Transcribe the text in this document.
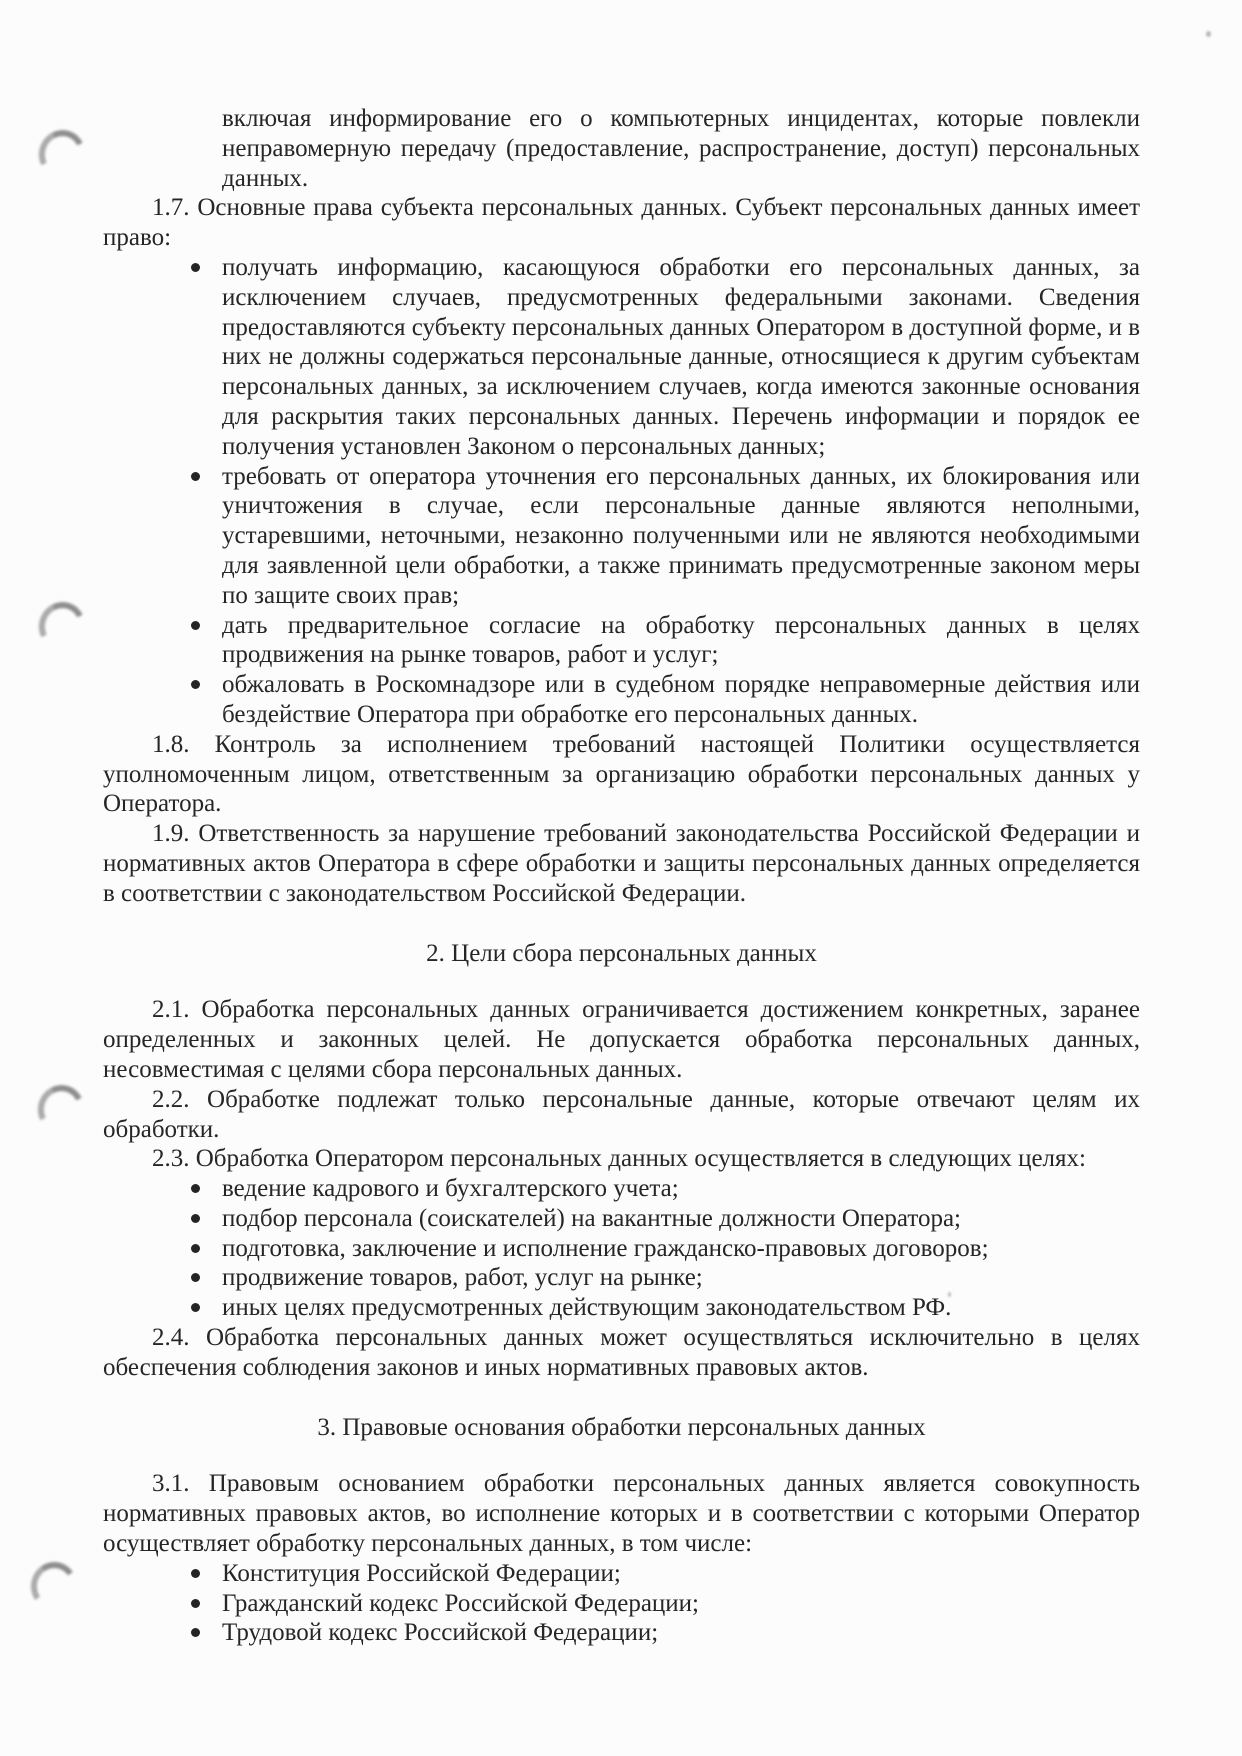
включая информирование его о компьютерных инцидентах, которые повлекли неправомерную передачу (предоставление, распространение, доступ) персональных данных.

1.7. Основные права субъекта персональных данных. Субъект персональных данных имеет право:

получать информацию, касающуюся обработки его персональных данных, за исключением случаев, предусмотренных федеральными законами. Сведения предоставляются субъекту персональных данных Оператором в доступной форме, и в них не должны содержаться персональные данные, относящиеся к другим субъектам персональных данных, за исключением случаев, когда имеются законные основания для раскрытия таких персональных данных. Перечень информации и порядок ее получения установлен Законом о персональных данных;
требовать от оператора уточнения его персональных данных, их блокирования или уничтожения в случае, если персональные данные являются неполными, устаревшими, неточными, незаконно полученными или не являются необходимыми для заявленной цели обработки, а также принимать предусмотренные законом меры по защите своих прав;
дать предварительное согласие на обработку персональных данных в целях продвижения на рынке товаров, работ и услуг;
обжаловать в Роскомнадзоре или в судебном порядке неправомерные действия или бездействие Оператора при обработке его персональных данных.

1.8. Контроль за исполнением требований настоящей Политики осуществляется уполномоченным лицом, ответственным за организацию обработки персональных данных у Оператора.

1.9. Ответственность за нарушение требований законодательства Российской Федерации и нормативных актов Оператора в сфере обработки и защиты персональных данных определяется в соответствии с законодательством Российской Федерации.

2. Цели сбора персональных данных

2.1. Обработка персональных данных ограничивается достижением конкретных, заранее определенных и законных целей. Не допускается обработка персональных данных, несовместимая с целями сбора персональных данных.

2.2. Обработке подлежат только персональные данные, которые отвечают целям их обработки.

2.3. Обработка Оператором персональных данных осуществляется в следующих целях:

ведение кадрового и бухгалтерского учета;
подбор персонала (соискателей) на вакантные должности Оператора;
подготовка, заключение и исполнение гражданско-правовых договоров;
продвижение товаров, работ, услуг на рынке;
иных целях предусмотренных действующим законодательством РФ.

2.4. Обработка персональных данных может осуществляться исключительно в целях обеспечения соблюдения законов и иных нормативных правовых актов.

3. Правовые основания обработки персональных данных

3.1. Правовым основанием обработки персональных данных является совокупность нормативных правовых актов, во исполнение которых и в соответствии с которыми Оператор осуществляет обработку персональных данных, в том числе:

Конституция Российской Федерации;
Гражданский кодекс Российской Федерации;
Трудовой кодекс Российской Федерации;
